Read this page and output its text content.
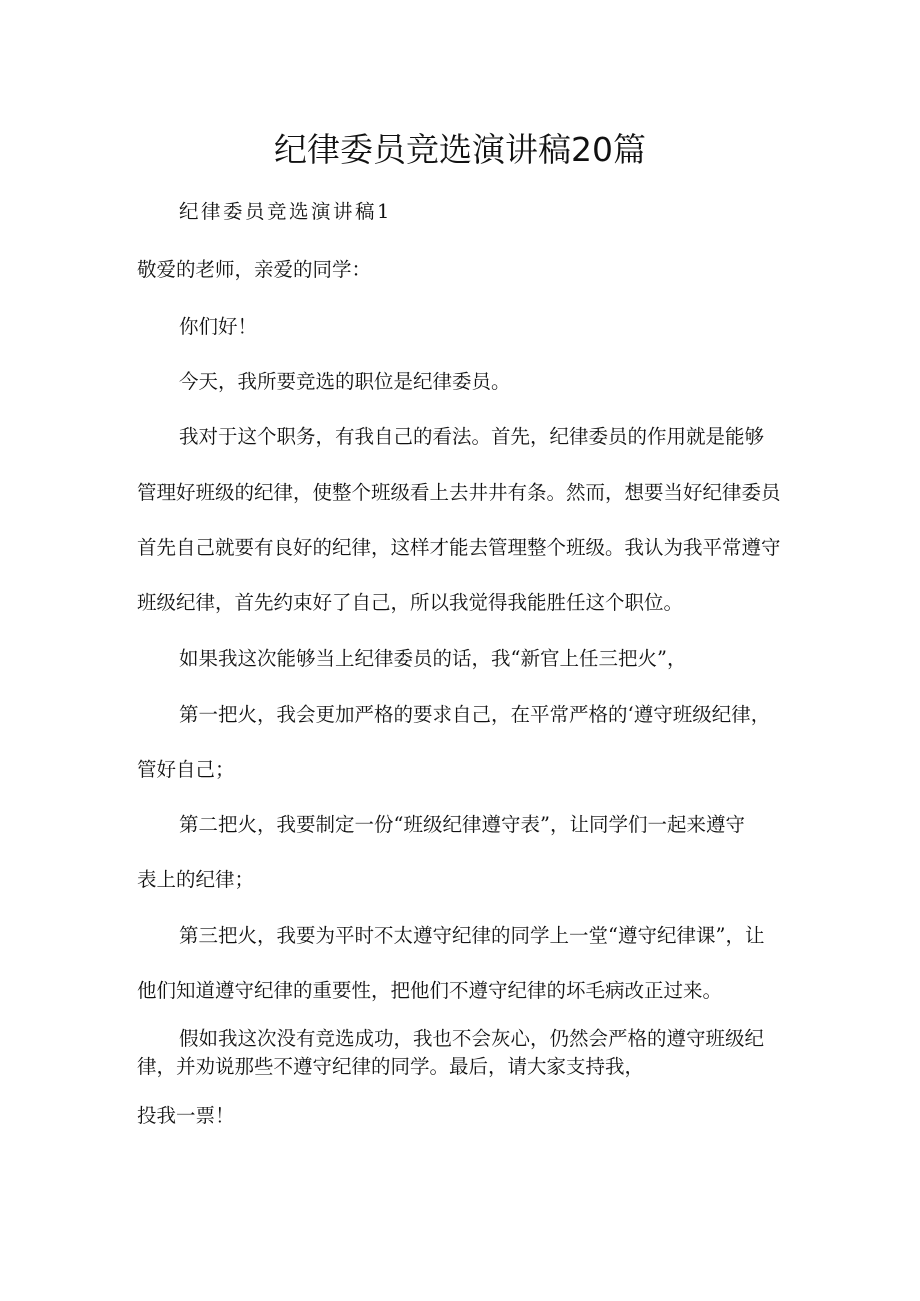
纪律委员竞选演讲稿20篇
纪律委员竞选演讲稿1
敬爱的老师，亲爱的同学：
你们好！
今天，我所要竞选的职位是纪律委员。
我对于这个职务，有我自己的看法。首先，纪律委员的作用就是能够
管理好班级的纪律，使整个班级看上去井井有条。然而，想要当好纪律委员
首先自己就要有良好的纪律，这样才能去管理整个班级。我认为我平常遵守
班级纪律，首先约束好了自己，所以我觉得我能胜任这个职位。
如果我这次能够当上纪律委员的话，我“新官上任三把火”，
第一把火，我会更加严格的要求自己，在平常严格的‘遵守班级纪律，
管好自己；
第二把火，我要制定一份“班级纪律遵守表”，让同学们一起来遵守
表上的纪律；
第三把火，我要为平时不太遵守纪律的同学上一堂“遵守纪律课”，让
他们知道遵守纪律的重要性，把他们不遵守纪律的坏毛病改正过来。
假如我这次没有竞选成功，我也不会灰心，仍然会严格的遵守班级纪
律，并劝说那些不遵守纪律的同学。最后，请大家支持我，
投我一票！
